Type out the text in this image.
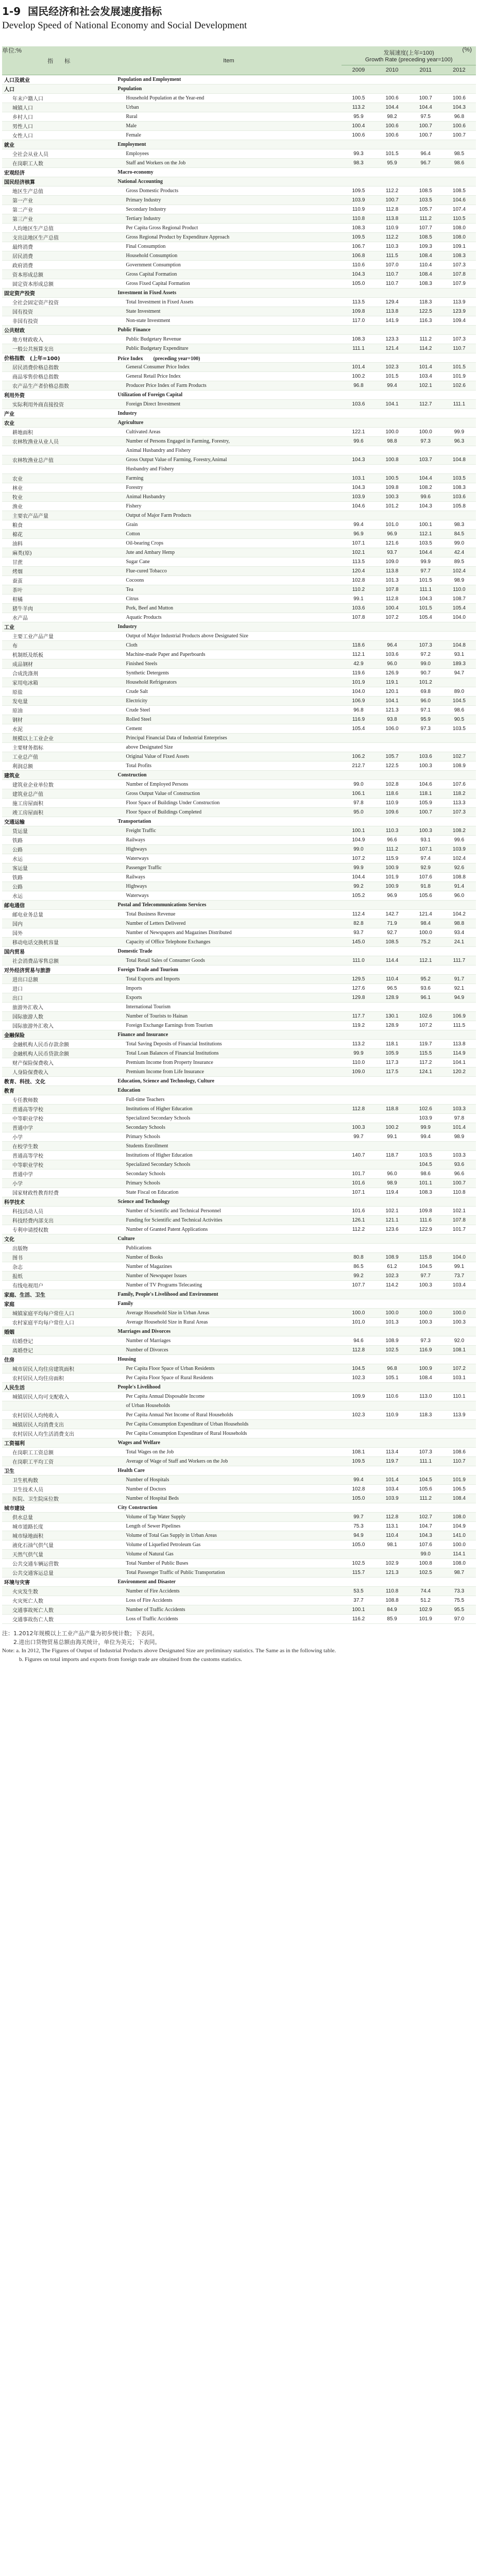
1-9 国民经济和社会发展速度指标
Develop Speed of National Economy and Social Development
单位:%	(%)
指　　标	Item	发展速度(上年=100)
Growth Rate (preceding year=100)			

		2009	2010	2011	2012
人口及就业	Population and Employment				
人口	Population				
年末户籍人口	Household Population at the Year-end	100.5	100.6	100.7	100.6
城镇人口	Urban	113.2	104.4	104.4	104.3
乡村人口	Rural	95.9	98.2	97.5	96.8
男性人口	Male	100.4	100.6	100.7	100.6
女性人口	Female	100.6	100.6	100.7	100.7
就业	Employment				
全社会从业人员	Employees	99.3	101.5	96.4	98.5
在岗职工人数	Staff and Workers on the Job	98.3	95.9	96.7	98.6
宏观经济	Macro-economy				
国民经济核算	National Accounting				
地区生产总值	Gross Domestic Products	109.5	112.2	108.5	108.5
第一产业	Primary Industry	103.9	100.7	103.5	104.6
第二产业	Secondary Industry	110.9	112.8	105.7	107.4
第三产业	Tertiary Industry	110.8	113.8	111.2	110.5
人均地区生产总值	Per Capita Gross Regional Product	108.3	110.9	107.7	108.0
支出法地区生产总值	Gross Regional Product by Expenditure Approach	109.5	112.2	108.5	108.0
最终消费	Final Consumption	106.7	110.3	109.3	109.1
居民消费	Household Consumption	106.8	111.5	108.4	108.3
政府消费	Government Consumption	110.6	107.0	110.4	107.3
资本形成总额	Gross Capital Formation	104.3	110.7	108.4	107.8
固定资本形成总额	Gross Fixed Capital Formation	105.0	110.7	108.3	107.9
固定资产投资	Investment in Fixed Assets				
全社会固定资产投资	Total Investment in Fixed Assets	113.5	129.4	118.3	113.9
国有投资	State Investment	109.8	113.8	122.5	123.9
非国有投资	Non-state Investment	117.0	141.9	116.3	109.4
公共财政	Public Finance				
地方财政收入	Public Budgetary Revenue	108.3	123.3	111.2	107.3
一般公共预算支出	Public Budgetary Expenditure	111.1	121.4	114.2	110.7
价格指数　(上年=100)	Price Index　　(preceding year=100)				
居民消费价格总指数	General Consumer Price Index	101.4	102.3	101.4	101.5
商品零售价格总指数	General Retail Price Index	100.2	101.5	103.4	101.9
农产品生产者价格总指数	Producer Price Index of Farm Products	96.8	99.4	102.1	102.6
利用外资	Utilization of Foreign Capital				
实际利用外商直接投资	Foreign Direct Investment	103.6	104.1	112.7	111.1
产业	Industry				
农业	Agriculture				
耕地面积	Cultivated Areas	122.1	100.0	100.0	99.9
农林牧渔业从业人员	Number of Persons Engaged in Farming, Forestry,	99.6	98.8	97.3	96.3
	Animal Husbandry and Fishery				
农林牧渔业总产值	Gross Output Value of Farming, Forestry,Animal	104.3	100.8	103.7	104.8
	Husbandry and Fishery				
农业	Farming	103.1	100.5	104.4	103.5
林业	Forestry	104.3	109.8	108.2	108.3
牧业	Animal Husbandry	103.9	100.3	99.6	103.6
渔业	Fishery	104.6	101.2	104.3	105.8
主要农产品产量	Output of Major Farm Products				
粮食	Grain	99.4	101.0	100.1	98.3
棉花	Cotton	96.9	96.9	112.1	84.5
油料	Oil-bearing Crops	107.1	121.6	103.5	99.0
麻类(原)	Jute and Ambary Hemp	102.1	93.7	104.4	42.4
甘蔗	Sugar Cane	113.5	109.0	99.9	89.5
烤烟	Flue-cured Tobacco	120.4	113.8	97.7	102.4
蚕茧	Cocoons	102.8	101.3	101.5	98.9
茶叶	Tea	110.2	107.8	111.1	110.0
柑橘	Citrus	99.1	112.8	104.3	108.7
猪牛羊肉	Pork, Beef and Mutton	103.6	100.4	101.5	105.4
水产品	Aquatic Products	107.8	107.2	105.4	104.0
工业	Industry				
主要工业产品产量	Output of Major Industrial Products above Designated Size				
布	Cloth	118.6	96.4	107.3	104.8
机制纸及纸板	Machine-made Paper and Paperboards	112.1	103.6	97.2	93.1
成品钢材	Finished Steels	42.9	96.0	99.0	189.3
合成洗涤剂	Synthetic Detergents	119.6	126.9	90.7	94.7
家用电冰箱	Household Refrigerators	101.9	119.1	101.2	
原盐	Crude Salt	104.0	120.1	69.8	89.0
发电量	Electricity	106.9	104.1	96.0	104.5
原油	Crude Steel	96.8	121.3	97.1	98.6
钢材	Rolled Steel	116.9	93.8	95.9	90.5
水泥	Cement	105.4	106.0	97.3	103.5
规模以上工业企业	Principal Financial Data of Industrial Enterprises				
主要财务指标	above Designated Size				
工业总产值	Original Value of Fixed Assets	106.2	105.7	103.6	102.7
利润总额	Total Profits	212.7	122.5	100.3	108.9
建筑业	Construction				
建筑业企业单位数	Number of Employed Persons	99.0	102.8	104.6	107.6
建筑业总产值	Gross Output Value of Construction	106.1	118.6	118.1	118.2
施工房屋面积	Floor Space of Buildings Under Construction	97.8	110.9	105.9	113.3
竣工房屋面积	Floor Space of Buildings Completed	95.0	109.6	100.7	107.3
交通运输	Transportation				
货运量	Freight Traffic	100.1	110.3	100.3	108.2
铁路	Railways	104.9	96.6	93.1	99.6
公路	Highways	99.0	111.2	107.1	103.9
水运	Waterways	107.2	115.9	97.4	102.4
客运量	Passenger Traffic	99.9	100.9	92.9	92.6
铁路	Railways	104.4	101.9	107.6	108.8
公路	Highways	99.2	100.9	91.8	91.4
水运	Waterways	105.2	96.9	105.6	96.0
邮电通信	Postal and Telecommunications Services				
邮电业务总量	Total Business Revenue	112.4	142.7	121.4	104.2
国内	Number of Letters Delivered	82.8	71.9	98.4	98.8
国外	Number of Newspapers and Magazines Distributed	93.7	92.7	100.0	93.4
移动电话交换机容量	Capacity of Office Telephone Exchanges	145.0	108.5	75.2	24.1
国内贸易	Domestic Trade				
社会消费品零售总额	Total Retail Sales of Consumer Goods	111.0	114.4	112.1	111.7
对外经济贸易与旅游	Foreign Trade and Tourism				
进出口总额	Total Exports and Imports	129.5	110.4	95.2	91.7
进口	Imports	127.6	96.5	93.6	92.1
出口	Exports	129.8	128.9	96.1	94.9
旅游外汇收入	International Tourism				
国际旅游人数	Number of Tourists to Hainan	117.7	130.1	102.6	106.9
国际旅游外汇收入	Foreign Exchange Earnings from Tourism	119.2	128.9	107.2	111.5
金融保险	Finance and Insurance				
金融机构人民币存款余额	Total Saving Deposits of Financial Institutions	113.2	118.1	119.7	113.8
金融机构人民币贷款余额	Total Loan Balances of Financial Institutions	99.9	105.9	115.5	114.9
财产保险保费收入	Premium Income from Property Insurance	110.0	117.3	117.2	104.1
人身险保费收入	Premium Income from Life Insurance	109.0	117.5	124.1	120.2
教育、科技、文化	Education, Science and Technology, Culture				
教育	Education				
专任教师数	Full-time Teachers				
普通高等学校	Institutions of Higher Education	112.8	118.8	102.6	103.3
中等职业学校	Specialized Secondary Schools			103.9	97.8
普通中学	Secondary Schools	100.3	100.2	99.9	101.4
小学	Primary Schools	99.7	99.1	99.4	98.9
在校学生数	Students Enrollment				
普通高等学校	Institutions of Higher Education	140.7	118.7	103.5	103.3
中等职业学校	Specialized Secondary Schools			104.5	93.6
普通中学	Secondary Schools	101.7	96.0	98.6	96.6
小学	Primary Schools	101.6	98.9	101.1	100.7
国家财政性教育经费	State Fiscal on Education	107.1	119.4	108.3	110.8
科学技术	Science and Technology				
科技活动人员	Number of Scientific and Technical Personnel	101.6	102.1	109.8	102.1
科技经费内部支出	Funding for Scientific and Technical Activities	126.1	121.1	111.6	107.8
专利申请授权数	Number of Granted Patent Applications	112.2	123.6	122.9	101.7
文化	Culture				
出版物	Publications				
图书	Number of Books	80.8	108.9	115.8	104.0
杂志	Number of Magazines	86.5	61.2	104.5	99.1
报纸	Number of Newspaper Issues	99.2	102.3	97.7	73.7
有线电视用户	Number of TV Programs Telecasting	107.7	114.2	100.3	103.4
家庭、生活、卫生	Family, People's Livelihood and Environment				
家庭	Family				
城镇家庭平均每户常住人口	Average Household Size in Urban Areas	100.0	100.0	100.0	100.0
农村家庭平均每户常住人口	Average Household Size in Rural Areas	101.0	101.3	100.3	100.3
婚姻	Marriages and Divorces				
结婚登记	Number of Marriages	94.6	108.9	97.3	92.0
离婚登记	Number of Divorces	112.8	102.5	116.9	108.1
住房	Housing				
城市居民人均住房建筑面积	Per Capita Floor Space of Urban Residents	104.5	96.8	100.9	107.2
农村居民人均住房面积	Per Capita Floor Space of Rural Residents	102.3	105.1	108.4	103.1
人民生活	People's Livelihood				
城镇居民人均可支配收入	Per Capita Annual Disposable Income	109.9	110.6	113.0	110.1
	of Urban Households				
农村居民人均纯收入	Per Capita Annual Net Income of Rural Households	102.3	110.9	118.3	113.9
城镇居民人均消费支出	Per Capita Consumption Expenditure of Urban Households				
农村居民人均生活消费支出	Per Capita Consumption Expenditure of Rural Households				
工资福利	Wages and Welfare				
在岗职工工资总额	Total Wages on the Job	108.1	113.4	107.3	108.6
在岗职工平均工资	Average of Wage of Staff and Workers on the Job	109.5	119.7	111.1	110.7
卫生	Health Care				
卫生机构数	Number of Hospitals	99.4	101.4	104.5	101.9
卫生技术人员	Number of Doctors	102.8	103.4	105.6	106.5
医院、卫生院床位数	Number of Hospital Beds	105.0	103.9	111.2	108.4
城市建设	City Construction				
供水总量	Volume of Tap Water Supply	99.7	112.8	102.7	108.0
城市道路长度	Length of Sewer Pipelines	75.3	113.1	104.7	104.9
城市绿地面积	Volume of Total Gas Supply in Urban Areas	94.9	110.4	104.3	141.0
液化石油气供气量	Volume of Liquefied Petroleum Gas	105.0	98.1	107.6	100.0
天然气供气量	Volume of Natural Gas			99.0	114.1
公共交通车辆运营数	Total Number of Public Buses	102.5	102.9	100.8	108.0
公共交通客运总量	Total Passenger Traffic of Public Transportation	115.7	121.3	102.5	98.7
环境与灾害	Environment and Disaster				
火灾发生数	Number of Fire Accidents	53.5	110.8	74.4	73.3
火灾死亡人数	Loss of Fire Accidents	37.7	108.8	51.2	75.5
交通事故死亡人数	Number of Traffic Accidents	100.1	84.9	102.9	95.5
交通事故伤亡人数	Loss of Traffic Accidents	116.2	85.9	101.9	97.0
注：1.2012年规模以上工业产品产量为初步统计数；下表同。
　　2.进出口货物贸易总额由海关统计，单位为美元；下表同。
Note: a. In 2012, The Figures of Output of Industrial Products above Designated Size are preliminary statistics. The Same as in the following table.
　　　b. Figures on total imports and exports from foreign trade are obtained from the customs statistics.
